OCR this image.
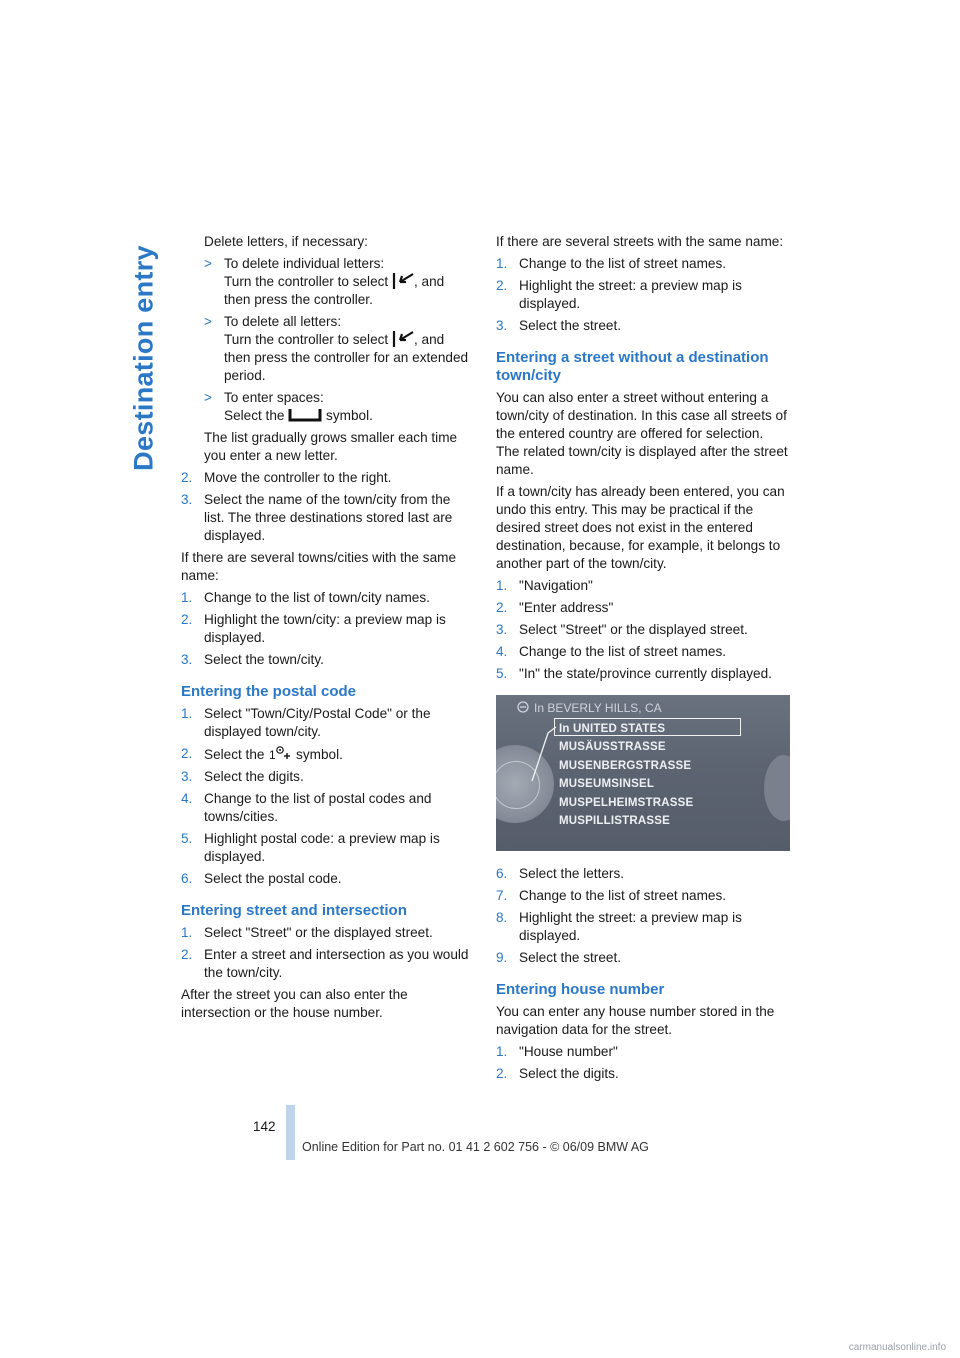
Destination entry

Delete letters, if necessary:

> To delete individual letters:
Turn the controller to select , and then press the controller.
> To delete all letters:
Turn the controller to select , and then press the controller for an extended period.
> To enter spaces:
Select the	symbol.

The list gradually grows smaller each time you enter a new letter.

2. Move the controller to the right.
3. Select the name of the town/city from the list. The three destinations stored last are displayed.

If there are several towns/cities with the same name:

1. Change to the list of town/city names.
2. Highlight the town/city: a preview map is displayed.
3. Select the town/city.
Entering the postal code
1. Select "Town/City/Postal Code" or the displayed town/city.
2. Select the 1 symbol.
3. Select the digits.
4. Change to the list of postal codes and towns/cities.
5. Highlight postal code: a preview map is displayed.
6. Select the postal code.
Entering street and intersection
1. Select "Street" or the displayed street.
2. Enter a street and intersection as you would the town/city.

After the street you can also enter the intersection or the house number.

If there are several streets with the same name:

1. Change to the list of street names.
2. Highlight the street: a preview map is displayed.
3. Select the street.
Entering a street without a destination town/city

You can also enter a street without entering a town/city of destination. In this case all streets of the entered country are offered for selection. The related town/city is displayed after the street name.

If a town/city has already been entered, you can undo this entry. This may be practical if the desired street does not exist in the entered destination, because, for example, it belongs to another part of the town/city.

1. "Navigation"
2. "Enter address"
3. Select "Street" or the displayed street.
4. Change to the list of street names.
5. "In" the state/province currently displayed.
In BEVERLY HILLS, CA
In UNITED STATES
MUSÄUSSTRASSE
MUSENBERGSTRASSE
MUSEUMSINSEL
MUSPELHEIMSTRASSE
MUSPILLISTRASSE
6. Select the letters.
7. Change to the list of street names.
8. Highlight the street: a preview map is displayed.
9. Select the street.
Entering house number

You can enter any house number stored in the navigation data for the street.

1. "House number"
2. Select the digits.
142
Online Edition for Part no. 01 41 2 602 756 - © 06/09 BMW AG
carmanualsonline.info
